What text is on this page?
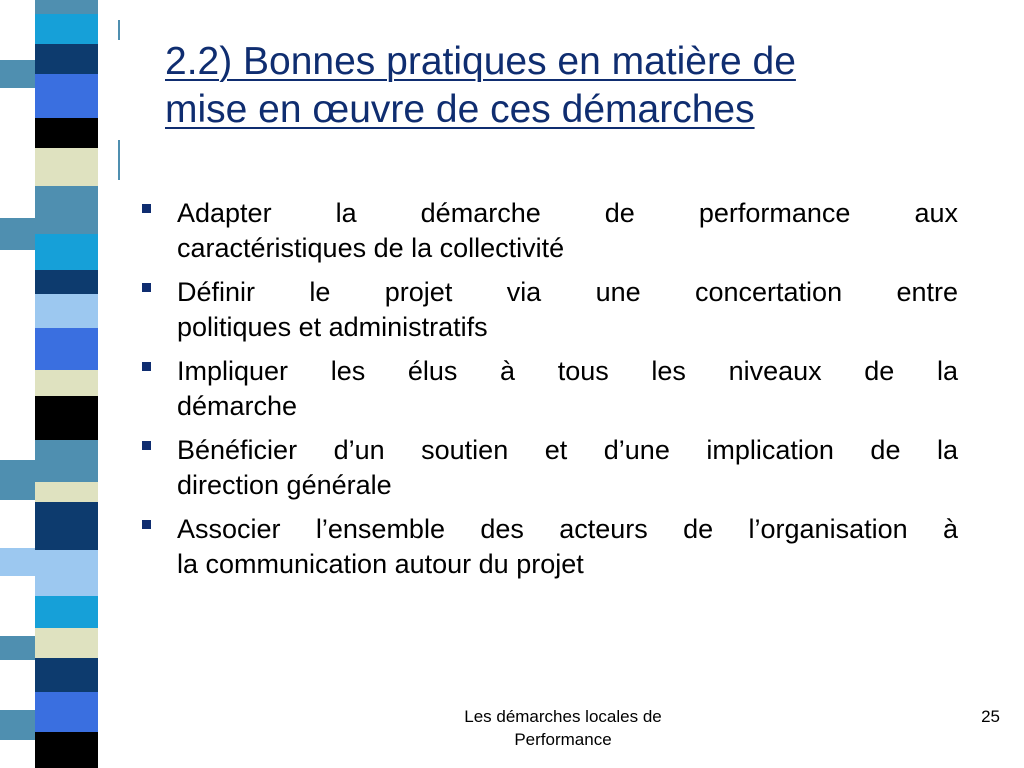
2.2) Bonnes pratiques en matière de
mise en œuvre de ces démarches
Adapter la démarche de performance aux
caractéristiques de la collectivité
Définir le projet via une concertation entre
politiques et administratifs
Impliquer les élus à tous les niveaux de la
démarche
Bénéficier d’un soutien et d’une implication de la
direction générale
Associer l’ensemble des acteurs de l’organisation à
la communication autour du projet
Les démarches locales de
Performance
25
